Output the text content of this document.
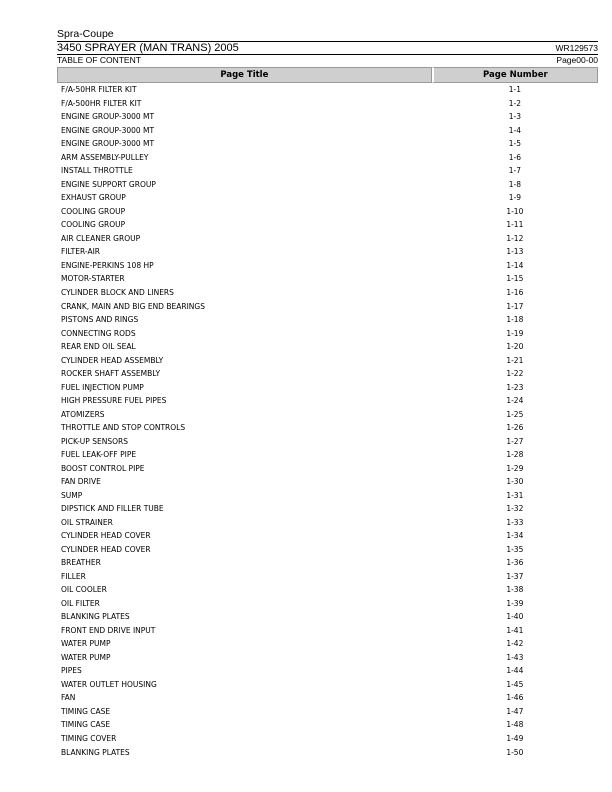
Spra-Coupe
3450 SPRAYER (MAN TRANS) 2005	WR129573
TABLE OF CONTENT	Page00-00
Page Title	Page Number
F/A-50HR FILTER KIT	1-1
F/A-500HR FILTER KIT	1-2
ENGINE GROUP-3000 MT	1-3
ENGINE GROUP-3000 MT	1-4
ENGINE GROUP-3000 MT	1-5
ARM ASSEMBLY-PULLEY	1-6
INSTALL THROTTLE	1-7
ENGINE SUPPORT GROUP	1-8
EXHAUST GROUP	1-9
COOLING GROUP	1-10
COOLING GROUP	1-11
AIR CLEANER GROUP	1-12
FILTER-AIR	1-13
ENGINE-PERKINS 108 HP	1-14
MOTOR-STARTER	1-15
CYLINDER BLOCK AND LINERS	1-16
CRANK, MAIN AND BIG END BEARINGS	1-17
PISTONS AND RINGS	1-18
CONNECTING RODS	1-19
REAR END OIL SEAL	1-20
CYLINDER HEAD ASSEMBLY	1-21
ROCKER SHAFT ASSEMBLY	1-22
FUEL INJECTION PUMP	1-23
HIGH PRESSURE FUEL PIPES	1-24
ATOMIZERS	1-25
THROTTLE AND STOP CONTROLS	1-26
PICK-UP SENSORS	1-27
FUEL LEAK-OFF PIPE	1-28
BOOST CONTROL PIPE	1-29
FAN DRIVE	1-30
SUMP	1-31
DIPSTICK AND FILLER TUBE	1-32
OIL STRAINER	1-33
CYLINDER HEAD COVER	1-34
CYLINDER HEAD COVER	1-35
BREATHER	1-36
FILLER	1-37
OIL COOLER	1-38
OIL FILTER	1-39
BLANKING PLATES	1-40
FRONT END DRIVE INPUT	1-41
WATER PUMP	1-42
WATER PUMP	1-43
PIPES	1-44
WATER OUTLET HOUSING	1-45
FAN	1-46
TIMING CASE	1-47
TIMING CASE	1-48
TIMING COVER	1-49
BLANKING PLATES	1-50
